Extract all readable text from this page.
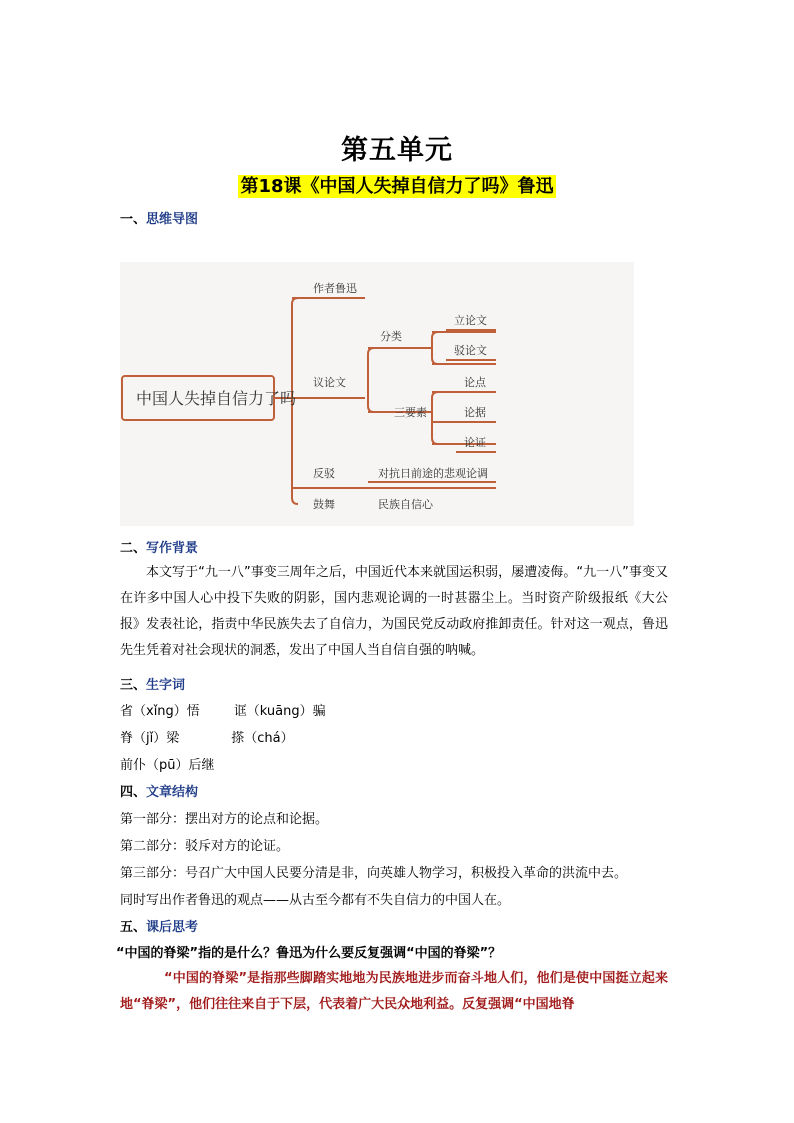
第五单元
第18课《中国人失掉自信力了吗》鲁迅
一、思维导图
中国人失掉自信力了吗
作者鲁迅
议论文
分类
立论文
驳论文
三要素
论点
论据
论证
反驳	对抗日前途的悲观论调
鼓舞	民族自信心
二、写作背景
本文写于“九一八”事变三周年之后，中国近代本来就国运积弱，屡遭凌侮。“九一八”事变又在许多中国人心中投下失败的阴影，国内悲观论调的一时甚嚣尘上。当时资产阶级报纸《大公报》发表社论，指责中华民族失去了自信力，为国民党反动政府推卸责任。针对这一观点，鲁迅先生凭着对社会现状的洞悉，发出了中国人当自信自强的呐喊。
三、生字词
省（xǐng）悟	诓（kuāng）骗
脊（jǐ）梁	搽（chá）
前仆（pū）后继
四、文章结构
第一部分：摆出对方的论点和论据。
第二部分：驳斥对方的论证。
第三部分：号召广大中国人民要分清是非，向英雄人物学习，积极投入革命的洪流中去。
同时写出作者鲁迅的观点——从古至今都有不失自信力的中国人在。
五、课后思考
“中国的脊梁”指的是什么？鲁迅为什么要反复强调“中国的脊梁”？
“中国的脊梁”是指那些脚踏实地地为民族地进步而奋斗地人们，他们是使中国挺立起来地“脊梁”，他们往往来自于下层，代表着广大民众地利益。反复强调“中国地脊
